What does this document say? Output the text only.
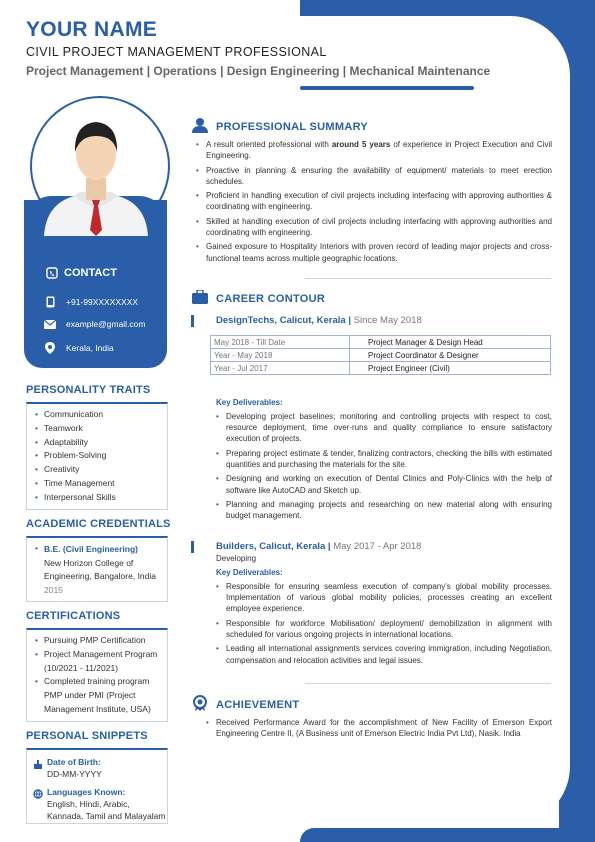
YOUR NAME
CIVIL PROJECT MANAGEMENT PROFESSIONAL
Project Management | Operations | Design Engineering | Mechanical Maintenance
CONTACT
+91-99XXXXXXXX
example@gmail.com
Kerala, India
PERSONALITY TRAITS
• Communication
• Teamwork
• Adaptability
• Problem-Solving
• Creativity
• Time Management
• Interpersonal Skills
ACADEMIC CREDENTIALS
• B.E. (Civil Engineering)
New Horizon College of
Engineering, Bangalore, India
2015
CERTIFICATIONS
• Pursuing PMP Certification
• Project Management Program (10/2021 - 11/2021)
• Completed training program PMP under PMI (Project Management Institute, USA)
PERSONAL SNIPPETS
Date of Birth:
DD-MM-YYYY
Languages Known:
English, Hindi, Arabic, Kannada, Tamil and Malayalam
PROFESSIONAL SUMMARY
• A result oriented professional with around 5 years of experience in Project Execution and Civil Engineering.
• Proactive in planning & ensuring the availability of equipment/ materials to meet erection schedules.
• Proficient in handling execution of civil projects including interfacing with approving authorities & coordinating with engineering.
• Skilled at handling execution of civil projects including interfacing with approving authorities and coordinating with engineering.
• Gained exposure to Hospitality Interiors with proven record of leading major projects and cross-functional teams across multiple geographic locations.
CAREER CONTOUR
DesignTechs, Calicut, Kerala | Since May 2018
May 2018 - Till Date	Project Manager & Design Head
Year - May 2018	Project Coordinator & Designer
Year - Jul 2017	Project Engineer (Civil)
Key Deliverables:
• Developing project baselines; monitoring and controlling projects with respect to cost, resource deployment, time over-runs and quality compliance to ensure satisfactory execution of projects.
• Preparing project estimate & tender, finalizing contractors, checking the bills with estimated quantities and purchasing the materials for the site.
• Designing and working on execution of Dental Clinics and Poly-Clinics with the help of software like AutoCAD and Sketch up.
• Planning and managing projects and researching on new material along with ensuring budget management.
Builders, Calicut, Kerala | May 2017 - Apr 2018
Developing
Key Deliverables:
• Responsible for ensuring seamless execution of company's global mobility processes. Implementation of various global mobility policies, processes creating an excellent employee experience.
• Responsible for workforce Mobilisation/ deployment/ demobilization in alignment with scheduled for various ongoing projects in international locations.
• Leading all international assignments services covering immigration, including Negotiation, compensation and relocation activities and legal issues.
ACHIEVEMENT
• Received Performance Award for the accomplishment of New Facility of Emerson Export Engineering Centre II, (A Business unit of Emerson Electric India Pvt Ltd), Nasik. India
